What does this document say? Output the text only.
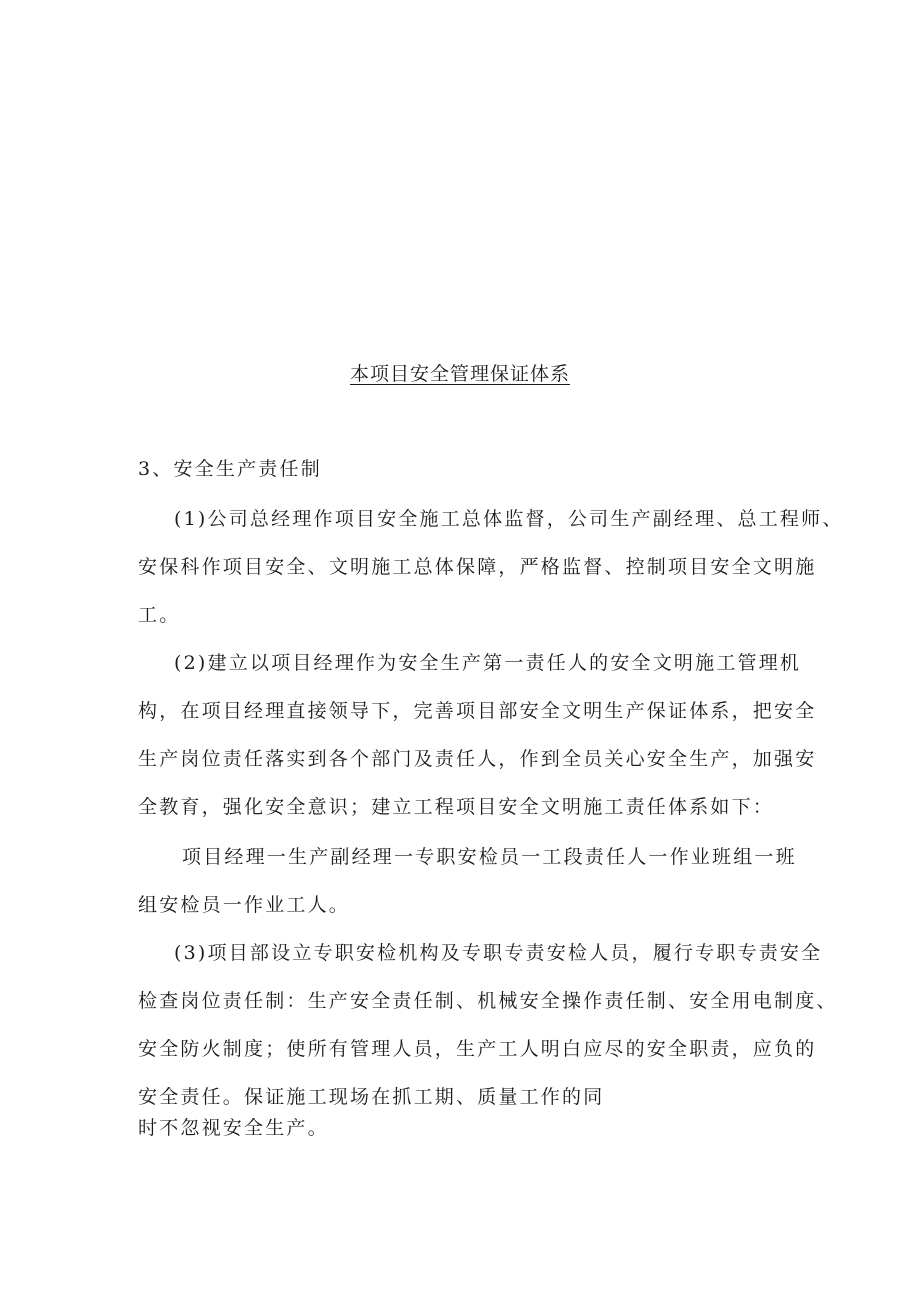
本项目安全管理保证体系
3、安全生产责任制
(1)公司总经理作项目安全施工总体监督，公司生产副经理、总工程师、
安保科作项目安全、文明施工总体保障，严格监督、控制项目安全文明施
工。
(2)建立以项目经理作为安全生产第一责任人的安全文明施工管理机
构，在项目经理直接领导下，完善项目部安全文明生产保证体系，把安全
生产岗位责任落实到各个部门及责任人，作到全员关心安全生产，加强安
全教育，强化安全意识；建立工程项目安全文明施工责任体系如下：
项目经理一生产副经理一专职安检员一工段责任人一作业班组一班
组安检员一作业工人。
(3)项目部设立专职安检机构及专职专责安检人员，履行专职专责安全
检查岗位责任制：生产安全责任制、机械安全操作责任制、安全用电制度、
安全防火制度；使所有管理人员，生产工人明白应尽的安全职责，应负的
安全责任。保证施工现场在抓工期、质量工作的同
时不忽视安全生产。
